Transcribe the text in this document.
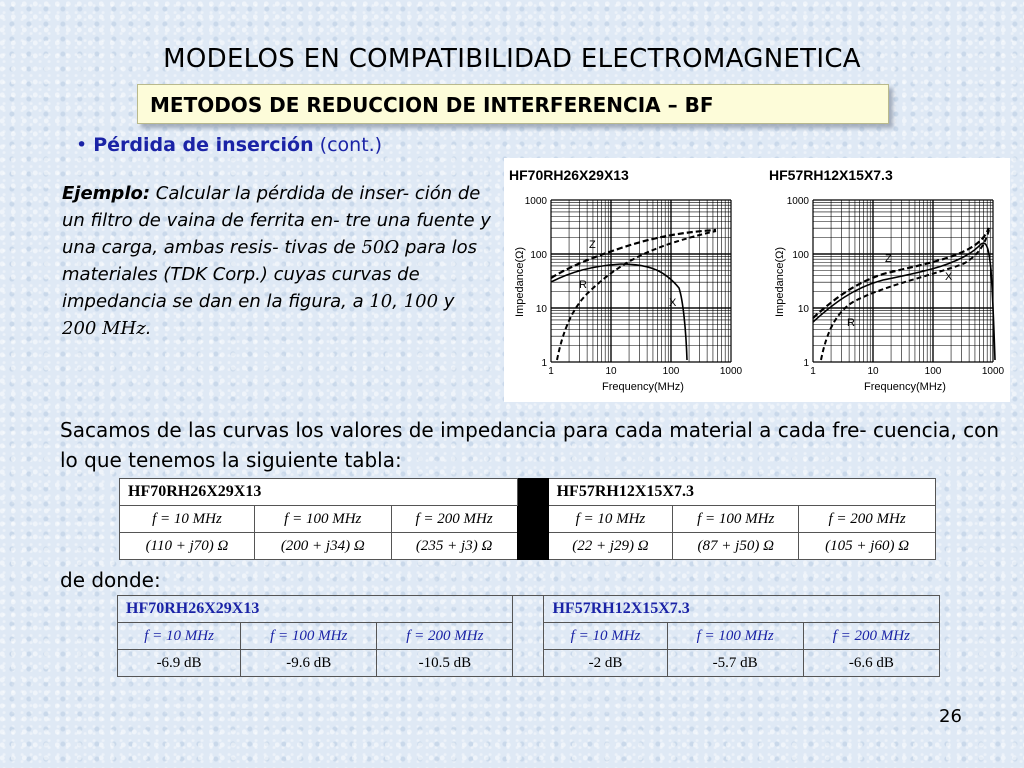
MODELOS EN COMPATIBILIDAD ELECTROMAGNETICA
METODOS DE REDUCCION DE INTERFERENCIA – BF
• Pérdida de inserción (cont.)
Ejemplo: Calcular la pérdida de inser- ción de un filtro de vaina de ferrita en- tre una fuente y una carga, ambas resis- tivas de 50Ω para los materiales (TDK Corp.) cuyas curvas de impedancia se dan en la figura, a 10, 100 y 200 MHz.
HF70RH26X29X13
1000
100
10
1
1	10	100	1000
Impedance(Ω)
Frequency(MHz)
Z
R
X
HF57RH12X15X7.3
1000
100
10
1
1	10	100	1000
Impedance(Ω)
Frequency(MHz)
Z
X
R
Sacamos de las curvas los valores de impedancia para cada material a cada fre- cuencia, con lo que tenemos la siguiente tabla:
HF70RH26X29X13				HF57RH12X15X7.3		
f = 10 MHz	f = 100 MHz	f = 200 MHz		f = 10 MHz	f = 100 MHz	f = 200 MHz
(110 + j70) Ω	(200 + j34) Ω	(235 + j3) Ω		(22 + j29) Ω	(87 + j50) Ω	(105 + j60) Ω
de donde:
HF70RH26X29X13				HF57RH12X15X7.3		
f = 10 MHz	f = 100 MHz	f = 200 MHz		f = 10 MHz	f = 100 MHz	f = 200 MHz
-6.9 dB	-9.6 dB	-10.5 dB		-2 dB	-5.7 dB	-6.6 dB
26
